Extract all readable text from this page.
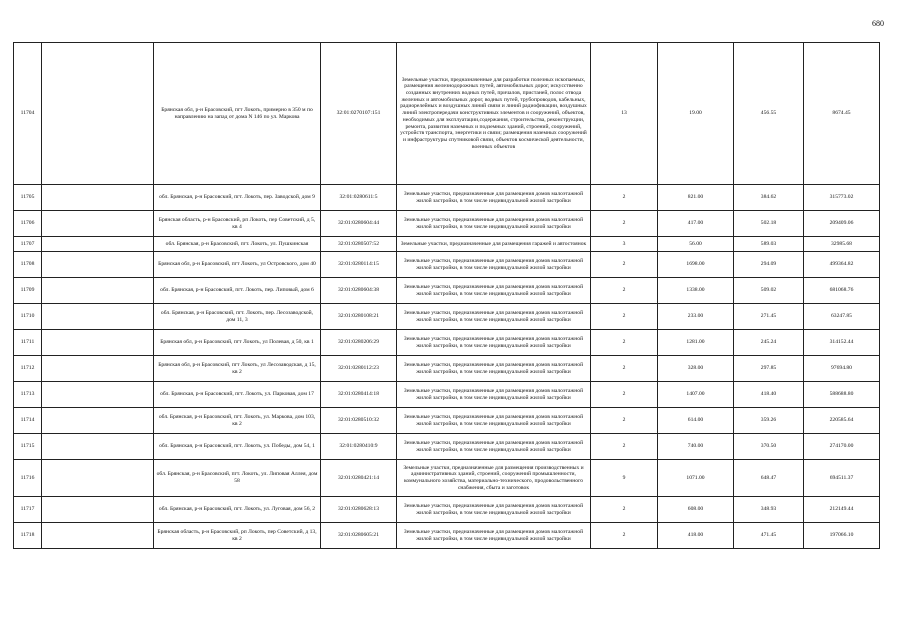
680
11704		Брянская обл, р-н Брасовский, пгт Локоть, примерно в 350 м по направлению на запад от дома N 146 по ул. Маркова	32:01:0270107:151	Земельные участки, предназначенные для разработки полезных ископаемых, размещения железнодорожных путей, автомобильных дорог, искусственно созданных внутренних водных путей, причалов, пристаней, полос отвода железных и автомобильных дорог, водных путей, трубопроводов, кабельных, радиорелейных и воздушных линий связи и линий радиофикации, воздушных линий электропередачи конструктивных элементов и сооружений, объектов, необходимых для эксплуатации,содержания, строительства, реконструкции, ремонта, развития наземных и подземных зданий, строений, сооружений, устройств транспорта, энергетики и связи; размещения наземных сооружений и инфраструктуры спутниковой связи, объектов космической деятельности, военных объектов	13	19.00	456.55	8674.45
11705		обл. Брянская, р-н Брасовский, пгт. Локоть, пер. Заводской, дом 9	32:01:0280611:5	Земельные участки, предназначенные для размещения домов малоэтажной жилой застройки, в том числе индивидуальной жилой застройки	2	821.00	384.62	315773.02
11706		Брянская область, р-н Брасовский, рп Локоть, пер Советский, д 5, кв 4	32:01:0280604:44	Земельные участки, предназначенные для размещения домов малоэтажной жилой застройки, в том числе индивидуальной жилой застройки	2	417.00	502.18	209409.06
11707		обл. Брянская, р-н Брасовский, пгт. Локоть, ул. Пушкинская	32:01:0280507:52	Земельные участки, предназначенные для размещения гаражей и автостоянок	3	56.00	589.03	32985.68
11708		Брянская обл, р-н Брасовский, пгт Локоть, ул Островского, дом 40	32:01:0280114:15	Земельные участки, предназначенные для размещения домов малоэтажной жилой застройки, в том числе индивидуальной жилой застройки	2	1698.00	294.09	499364.82
11709		обл. Брянская, р-н Брасовский, пгт. Локоть, пер. Липовый, дом 6	32:01:0280604:38	Земельные участки, предназначенные для размещения домов малоэтажной жилой застройки, в том числе индивидуальной жилой застройки	2	1338.00	509.02	681068.76
11710		обл. Брянская, р-н Брасовский, пгт. Локоть, пер. Лесозаводской, дом 11, 3	32:01:0280108:21	Земельные участки, предназначенные для размещения домов малоэтажной жилой застройки, в том числе индивидуальной жилой застройки	2	233.00	271.45	63247.85
11711		Брянская обл, р-н Брасовский, пгт Локоть, ул Полевая, д 50, кв 1	32:01:0280206:29	Земельные участки, предназначенные для размещения домов малоэтажной жилой застройки, в том числе индивидуальной жилой застройки	2	1281.00	245.24	314152.44
11712		Брянская обл, р-н Брасовский, пгт Локоть, ул Лесозаводская, д 15, кв 2	32:01:0280112:23	Земельные участки, предназначенные для размещения домов малоэтажной жилой застройки, в том числе индивидуальной жилой застройки	2	328.00	297.85	97694.80
11713		обл. Брянская, р-н Брасовский, пгт. Локоть, ул. Парковая, дом 17	32:01:0280414:18	Земельные участки, предназначенные для размещения домов малоэтажной жилой застройки, в том числе индивидуальной жилой застройки	2	1407.00	418.40	588688.80
11714		обл. Брянская, р-н Брасовский, пгт. Локоть, ул. Маркова, дом 103, кв 2	32:01:0280510:32	Земельные участки, предназначенные для размещения домов малоэтажной жилой застройки, в том числе индивидуальной жилой застройки	2	614.00	359.26	220585.64
11715		обл. Брянская, р-н Брасовский, пгт. Локоть, ул. Победы, дом 54, 1	32:01:0280410:9	Земельные участки, предназначенные для размещения домов малоэтажной жилой застройки, в том числе индивидуальной жилой застройки	2	740.00	370.50	274170.00
11716		обл. Брянская, р-н Брасовский, пгт. Локоть, ул. Липовая Аллея, дом 58	32:01:0280421:14	Земельные участки, предназначенные для размещения производственных и административных зданий, строений, сооружений промышленности, коммунального хозяйства, материально-технического, продовольственного снабжения, сбыта и заготовок	9	1071.00	648.47	694511.37
11717		обл. Брянская, р-н Брасовский, пгт. Локоть, ул. Луговая, дом 56, 2	32:01:0280628:13	Земельные участки, предназначенные для размещения домов малоэтажной жилой застройки, в том числе индивидуальной жилой застройки	2	608.00	348.93	212149.44
11718		Брянская область, р-н Брасовский, рп Локоть, пер Советский, д 13, кв 2	32:01:0280605:21	Земельные участки, предназначенные для размещения домов малоэтажной жилой застройки, в том числе индивидуальной жилой застройки	2	418.00	471.45	197066.10
